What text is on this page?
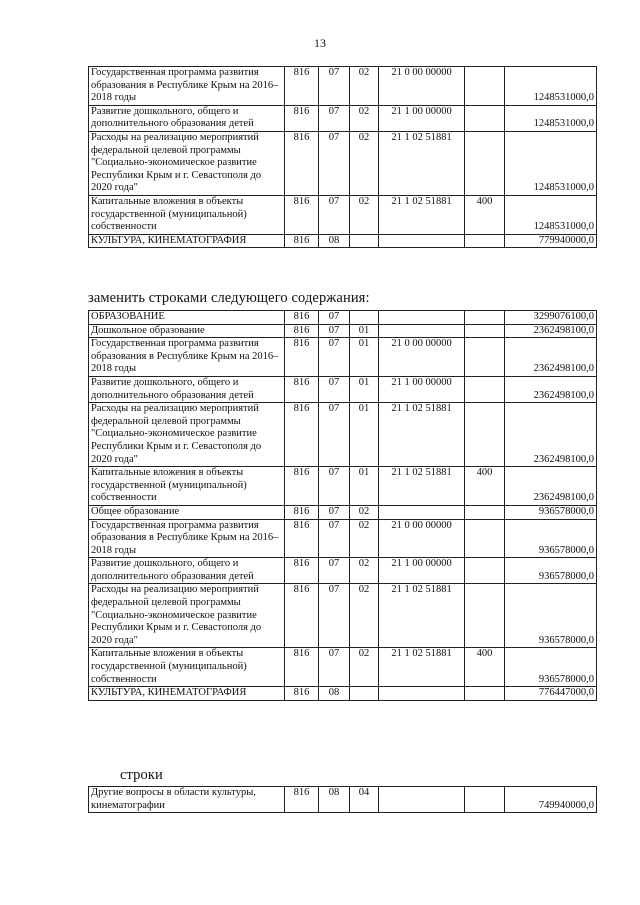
13
Государственная программа развития образования в Республике Крым на 2016–2018 годы	816	07	02	21 0 00 00000		1248531000,0
Развитие дошкольного, общего и дополнительного образования детей	816	07	02	21 1 00 00000		1248531000,0
Расходы на реализацию мероприятий федеральной целевой программы "Социально-экономическое развитие Республики Крым и г. Севастополя до 2020 года"	816	07	02	21 1 02 51881		1248531000,0
Капитальные вложения в объекты государственной (муниципальной) собственности	816	07	02	21 1 02 51881	400	1248531000,0
КУЛЬТУРА, КИНЕМАТОГРАФИЯ	816	08				779940000,0
заменить строками следующего содержания:
ОБРАЗОВАНИЕ	816	07				3299076100,0
Дошкольное образование	816	07	01			2362498100,0
Государственная программа развития образования в Республике Крым на 2016–2018 годы	816	07	01	21 0 00 00000		2362498100,0
Развитие дошкольного, общего и дополнительного образования детей	816	07	01	21 1 00 00000		2362498100,0
Расходы на реализацию мероприятий федеральной целевой программы "Социально-экономическое развитие Республики Крым и г. Севастополя до 2020 года"	816	07	01	21 1 02 51881		2362498100,0
Капитальные вложения в объекты государственной (муниципальной) собственности	816	07	01	21 1 02 51881	400	2362498100,0
Общее образование	816	07	02			936578000,0
Государственная программа развития образования в Республике Крым на 2016–2018 годы	816	07	02	21 0 00 00000		936578000,0
Развитие дошкольного, общего и дополнительного образования детей	816	07	02	21 1 00 00000		936578000,0
Расходы на реализацию мероприятий федеральной целевой программы "Социально-экономическое развитие Республики Крым и г. Севастополя до 2020 года"	816	07	02	21 1 02 51881		936578000,0
Капитальные вложения в объекты государственной (муниципальной) собственности	816	07	02	21 1 02 51881	400	936578000,0
КУЛЬТУРА, КИНЕМАТОГРАФИЯ	816	08				776447000,0
строки
Другие вопросы в области культуры, кинематографии	816	08	04			749940000,0
